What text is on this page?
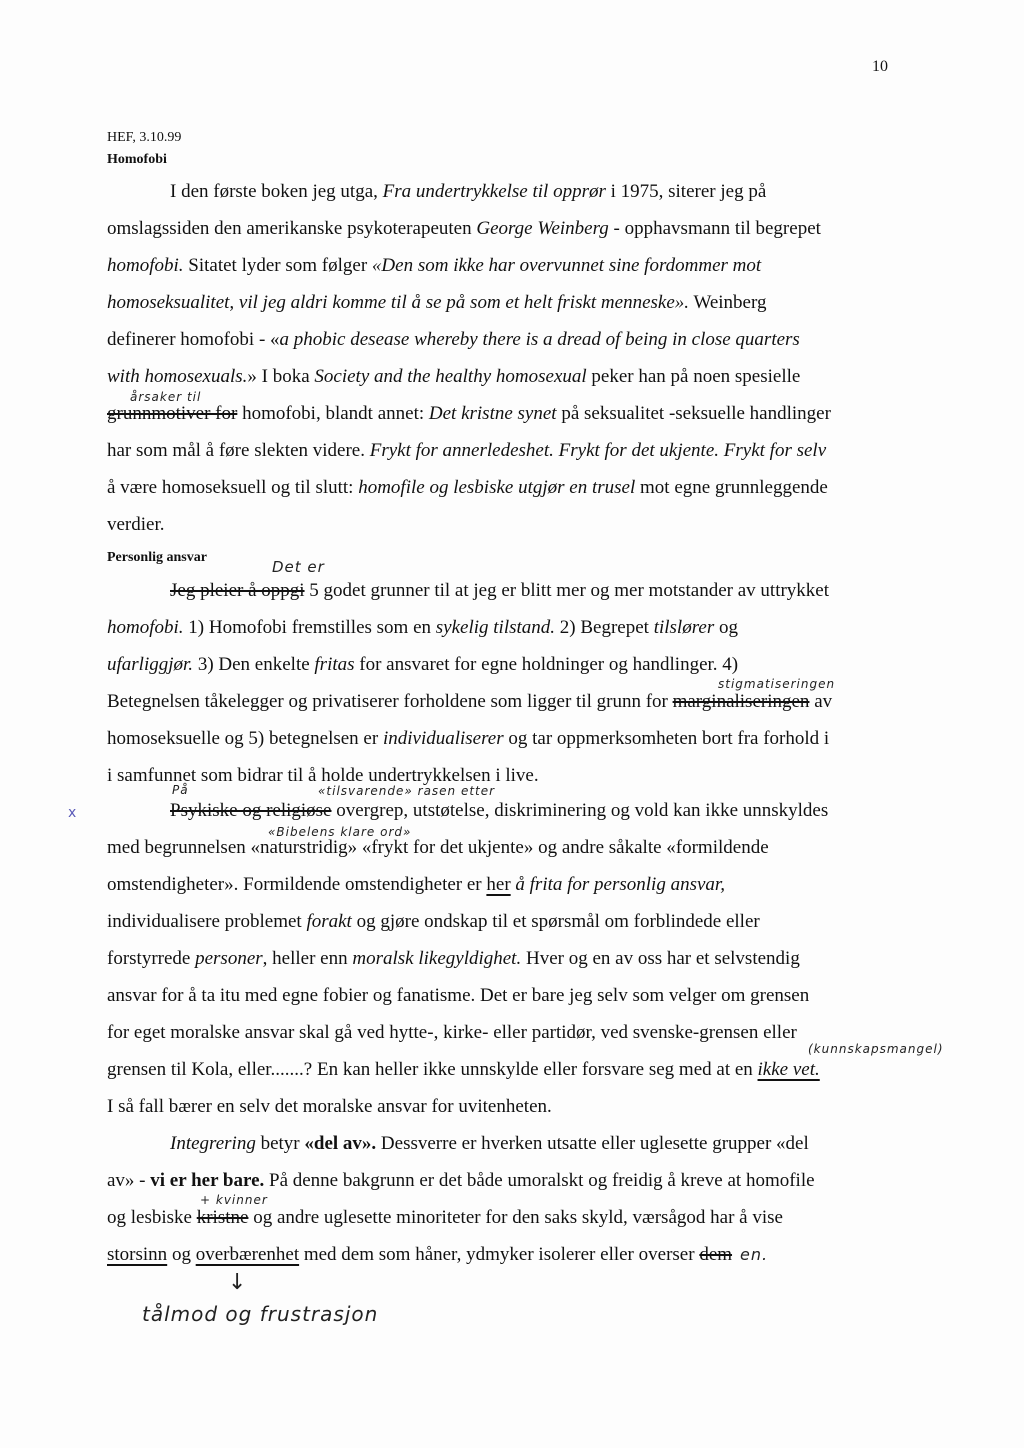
10
HEF, 3.10.99
Homofobi
I den første boken jeg utga, Fra undertrykkelse til opprør i 1975, siterer jeg på
omslagssiden den amerikanske psykoterapeuten George Weinberg - opphavsmann til begrepet
homofobi. Sitatet lyder som følger «Den som ikke har overvunnet sine fordommer mot
homoseksualitet, vil jeg aldri komme til å se på som et helt friskt menneske». Weinberg
definerer homofobi - «a phobic desease whereby there is a dread of being in close quarters
with homosexuals.» I boka Society and the healthy homosexual peker han på noen spesielle
årsaker til
grunnmotiver for homofobi, blandt annet: Det kristne synet på seksualitet -seksuelle handlinger
har som mål å føre slekten videre. Frykt for annerledeshet. Frykt for det ukjente. Frykt for selv
å være homoseksuell og til slutt: homofile og lesbiske utgjør en trusel mot egne grunnleggende
verdier.
Personlig ansvar
Det er
Jeg pleier å oppgi 5 godet grunner til at jeg er blitt mer og mer motstander av uttrykket
homofobi. 1) Homofobi fremstilles som en sykelig tilstand. 2) Begrepet tilslører og
ufarliggjør. 3) Den enkelte fritas for ansvaret for egne holdninger og handlinger. 4)
stigmatiseringen
Betegnelsen tåkelegger og privatiserer forholdene som ligger til grunn for marginaliseringen av
homoseksuelle og 5) betegnelsen er individualiserer og tar oppmerksomheten bort fra forhold i
i samfunnet som bidrar til å holde undertrykkelsen i live.
x
På	«tilsvarende» rasen etter
Psykiske og religiøse overgrep, utstøtelse, diskriminering og vold kan ikke unnskyldes
«Bibelens klare ord»
med begrunnelsen «naturstridig» «frykt for det ukjente» og andre såkalte «formildende
omstendigheter». Formildende omstendigheter er her å frita for personlig ansvar,
individualisere problemet forakt og gjøre ondskap til et spørsmål om forblindede eller
forstyrrede personer, heller enn moralsk likegyldighet. Hver og en av oss har et selvstendig
ansvar for å ta itu med egne fobier og fanatisme. Det er bare jeg selv som velger om grensen
for eget moralske ansvar skal gå ved hytte-, kirke- eller partidør, ved svenske-grensen eller
(kunnskapsmangel)
grensen til Kola, eller.......? En kan heller ikke unnskylde eller forsvare seg med at en ikke vet.
I så fall bærer en selv det moralske ansvar for uvitenheten.
Integrering betyr «del av». Dessverre er hverken utsatte eller uglesette grupper «del
av» - vi er her bare. På denne bakgrunn er det både umoralskt og freidig å kreve at homofile
+ kvinner
og lesbiske kristne og andre uglesette minoriteter for den saks skyld, værsågod har å vise
storsinn og overbærenhet med dem som håner, ydmyker isolerer eller overser dem en.
↓
tålmod og frustrasjon
